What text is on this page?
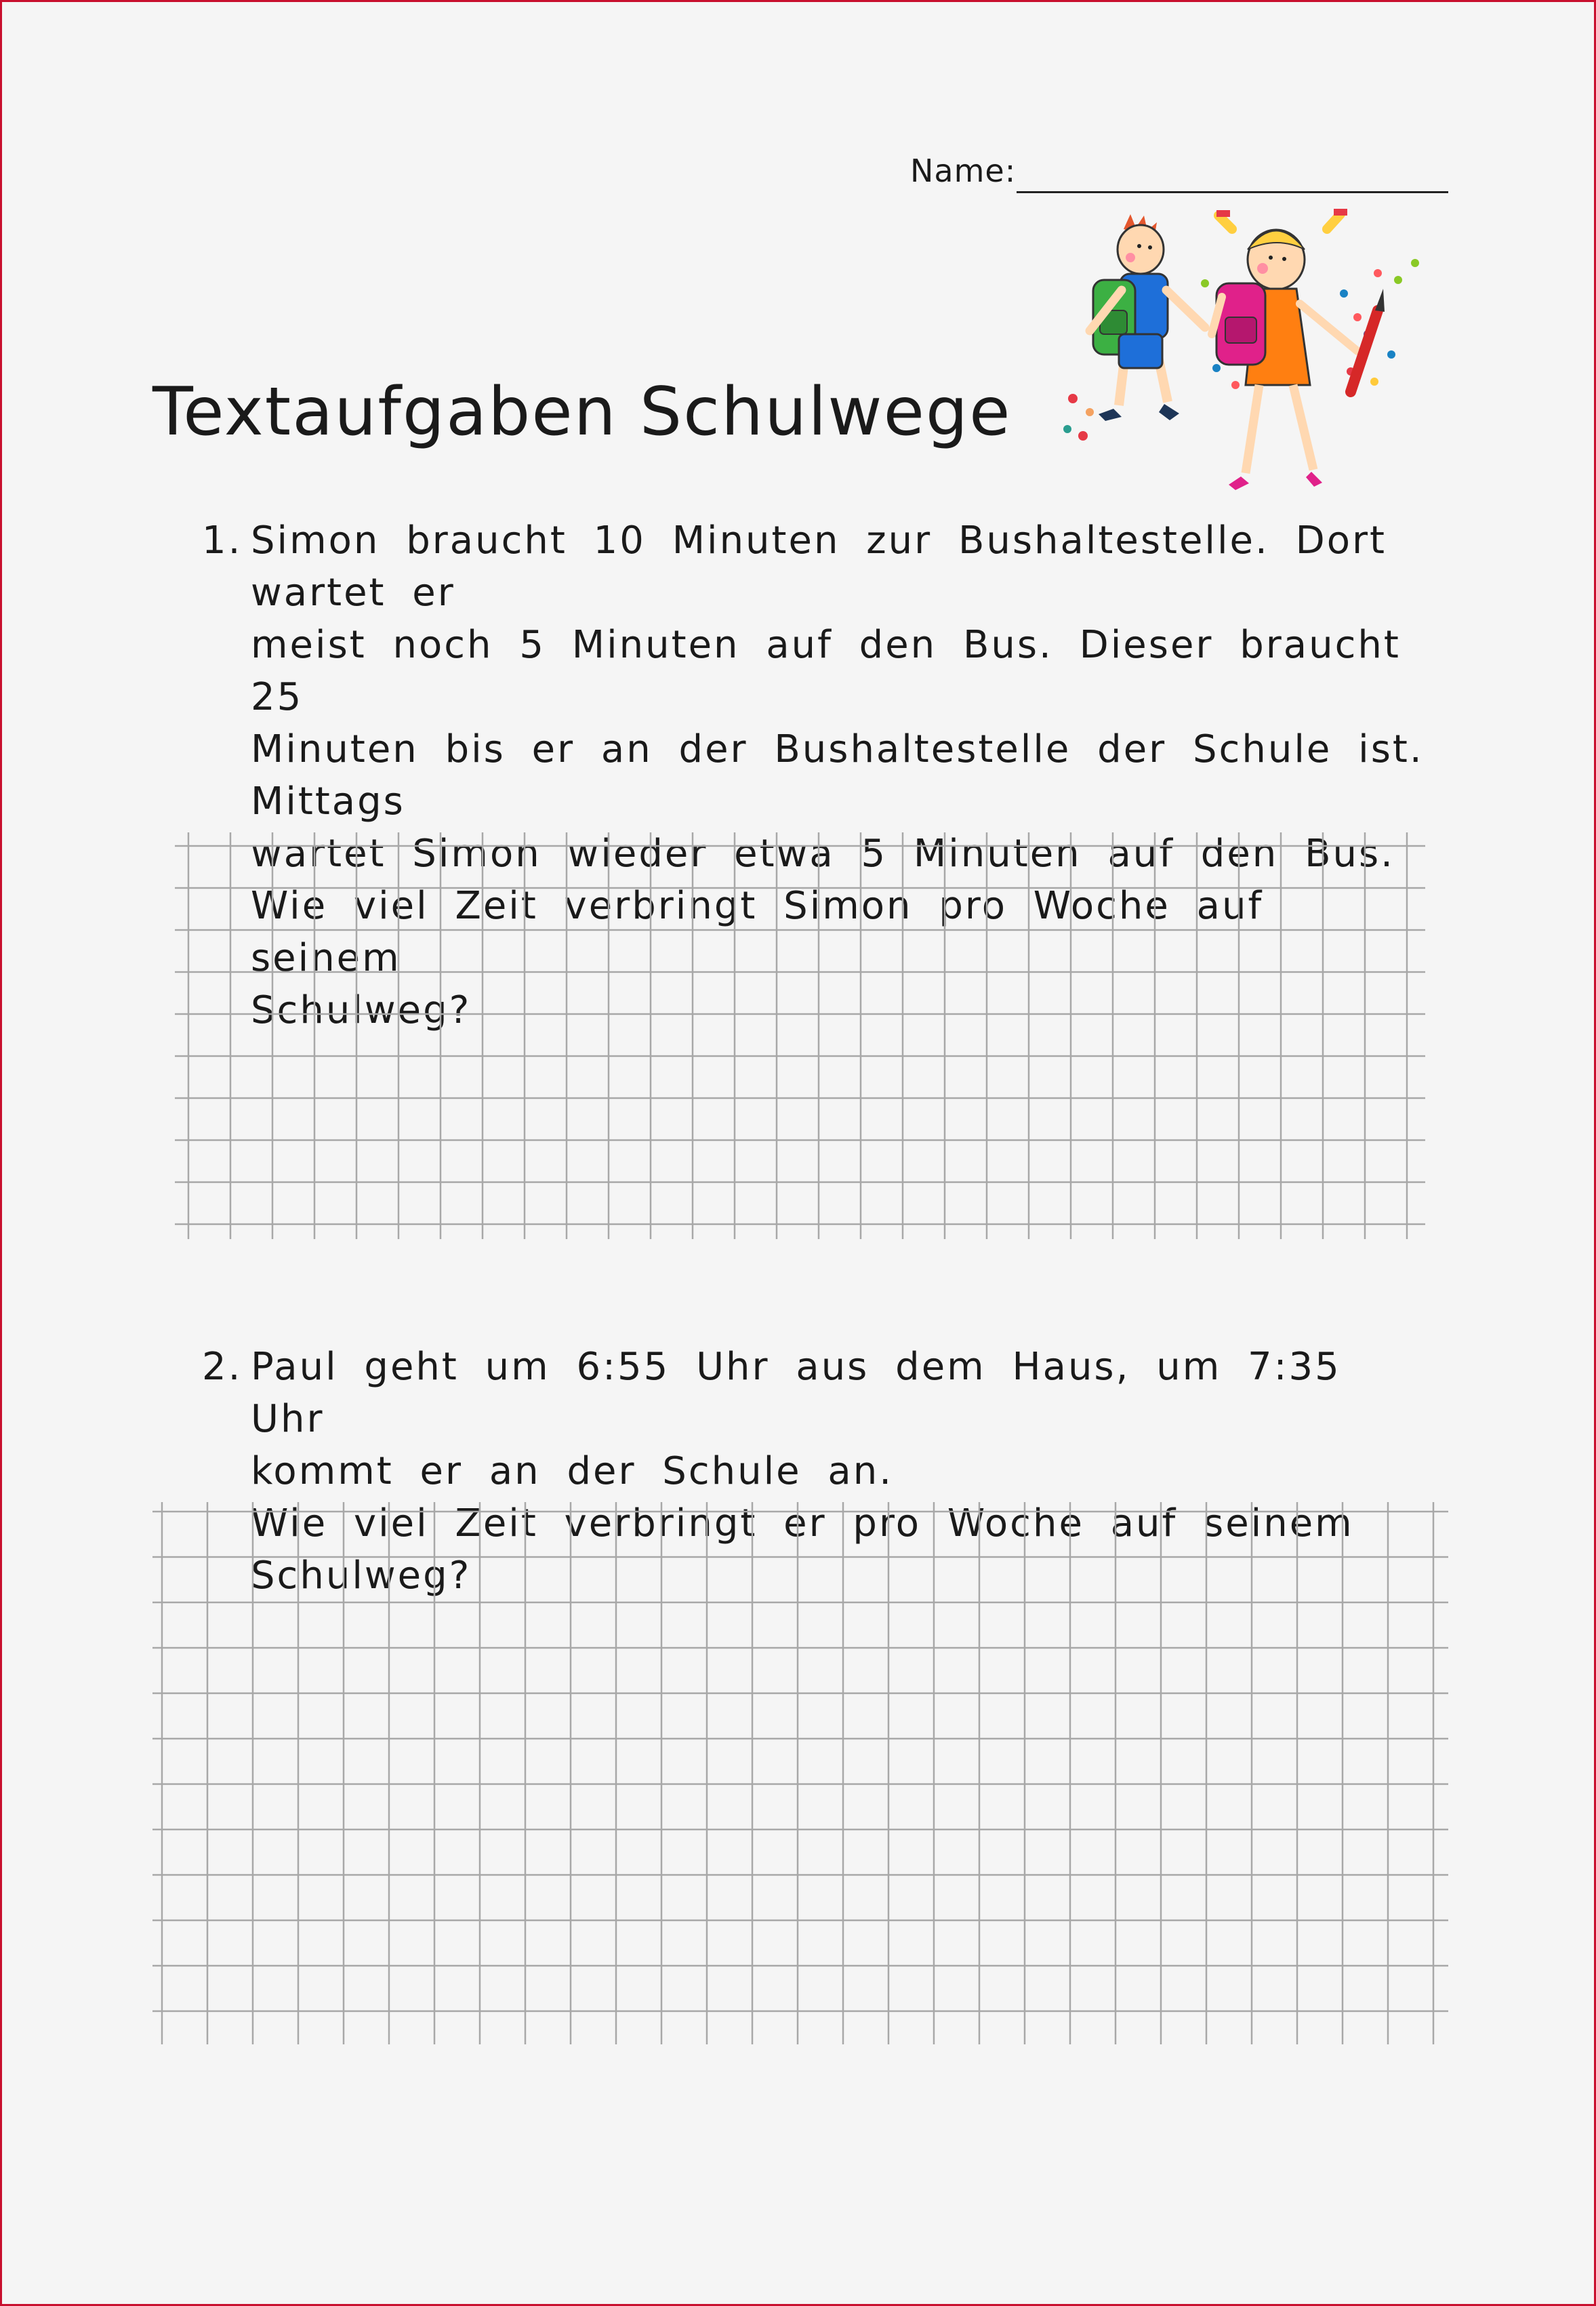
Name:
Textaufgaben Schulwege
1. Simon braucht 10 Minuten zur Bushaltestelle. Dort wartet er

meist noch 5 Minuten auf den Bus. Dieser braucht 25

Minuten bis er an der Bushaltestelle der Schule ist. Mittags

wartet Simon wieder etwa 5 Minuten auf den Bus.

Wie viel Zeit verbringt Simon pro Woche auf seinem

Schulweg?

2. Paul geht um 6:55 Uhr aus dem Haus, um 7:35 Uhr

kommt er an der Schule an.

Wie viel Zeit verbringt er pro Woche auf seinem Schulweg?
